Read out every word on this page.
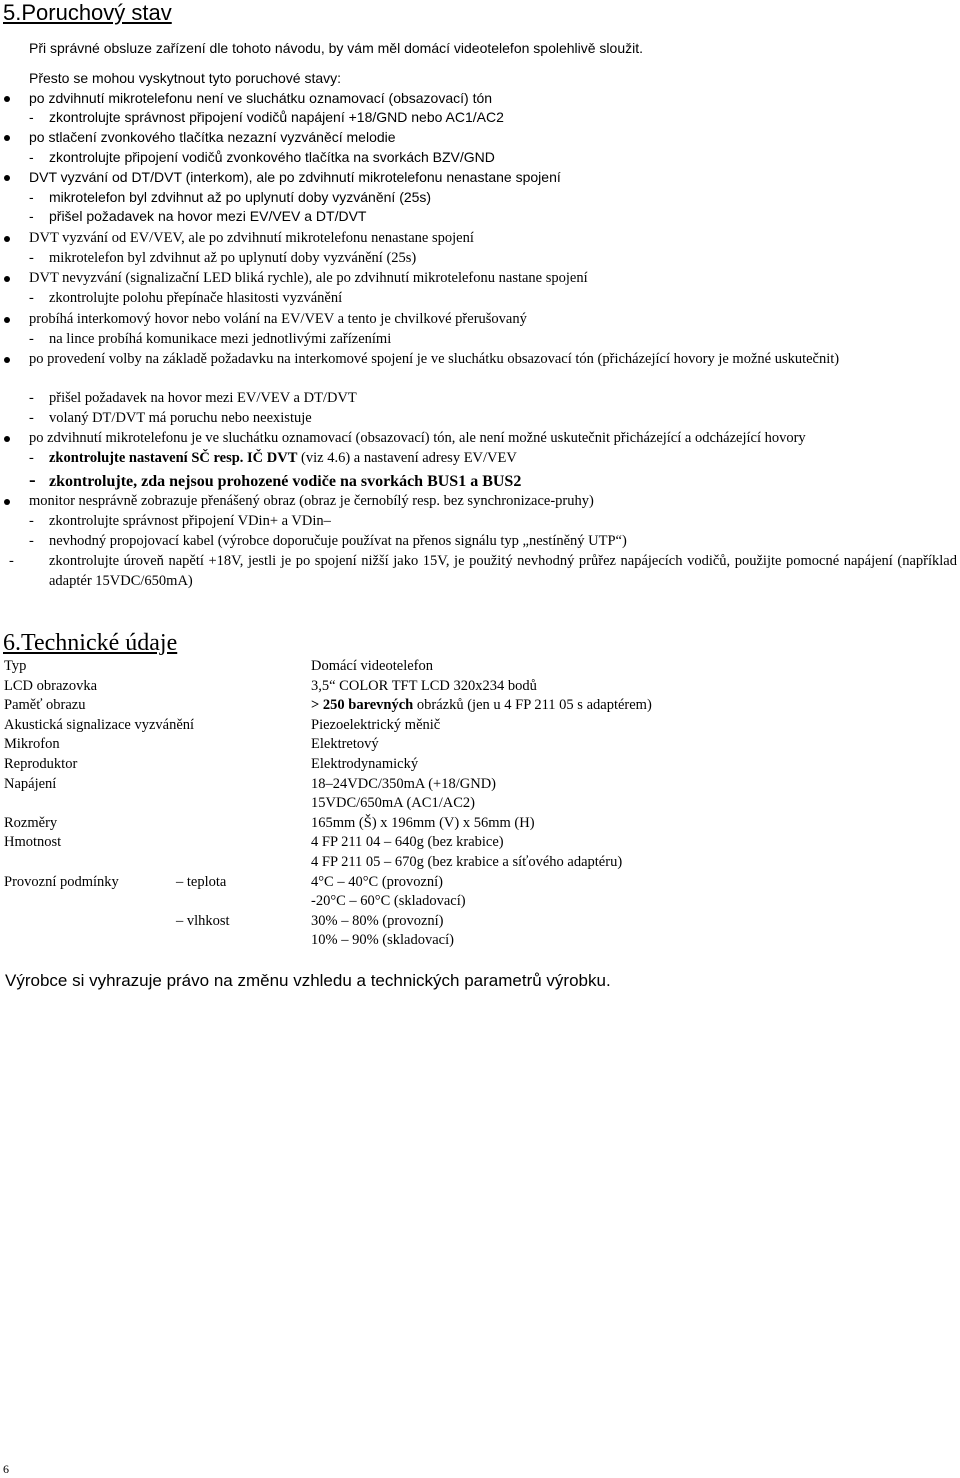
5.Poruchový stav
Při správné obsluze zařízení dle tohoto návodu, by vám měl domácí videotelefon spolehlivě sloužit.
Přesto se mohou vyskytnout tyto poruchové stavy:
po zdvihnutí mikrotelefonu není ve sluchátku oznamovací (obsazovací) tón
- zkontrolujte správnost připojení vodičů napájení +18/GND nebo AC1/AC2
po stlačení zvonkového tlačítka nezazní vyzváněcí melodie
- zkontrolujte připojení vodičů zvonkového tlačítka na svorkách BZV/GND
DVT vyzvání od DT/DVT (interkom), ale po zdvihnutí mikrotelefonu nenastane spojení
- mikrotelefon byl zdvihnut až po uplynutí doby vyzvánění (25s)
- přišel požadavek na hovor mezi EV/VEV a DT/DVT
DVT vyzvání od EV/VEV, ale po zdvihnutí mikrotelefonu nenastane spojení
- mikrotelefon byl zdvihnut až po uplynutí doby vyzvánění (25s)
DVT nevyzvání (signalizační LED bliká rychle), ale po zdvihnutí mikrotelefonu nastane spojení
- zkontrolujte polohu přepínače hlasitosti vyzvánění
probíhá interkomový hovor nebo volání na EV/VEV a tento je chvilkové přerušovaný
- na lince probíhá komunikace mezi jednotlivými zařízeními
po provedení volby na základě požadavku na interkomové spojení je ve sluchátku obsazovací tón (přicházející hovory je možné uskutečnit)
- přišel požadavek na hovor mezi EV/VEV a DT/DVT
- volaný DT/DVT má poruchu nebo neexistuje
po zdvihnutí mikrotelefonu je ve sluchátku oznamovací (obsazovací) tón, ale není možné uskutečnit přicházející a odcházející hovory
- zkontrolujte nastavení SČ resp. IČ DVT (viz 4.6) a nastavení adresy EV/VEV
- zkontrolujte, zda nejsou prohozené vodiče na svorkách BUS1 a BUS2
monitor nesprávně zobrazuje přenášený obraz (obraz je černobílý resp. bez synchronizace-pruhy)
- zkontrolujte správnost připojení VDin+ a VDin–
- nevhodný propojovací kabel (výrobce doporučuje používat na přenos signálu typ „nestíněný UTP“)
- zkontrolujte úroveň napětí +18V, jestli je po spojení nižší jako 15V, je použitý nevhodný průřez napájecích vodičů, použijte pomocné napájení (například adaptér 15VDC/650mA)
6.Technické údaje
Typ	Domácí videotelefon
LCD obrazovka	3,5“ COLOR TFT LCD 320x234 bodů
Paměť obrazu	> 250 barevných obrázků (jen u 4 FP 211 05 s adaptérem)
Akustická signalizace vyzvánění	Piezoelektrický měnič
Mikrofon	Elektretový
Reproduktor	Elektrodynamický
Napájení	18–24VDC/350mA (+18/GND)
15VDC/650mA (AC1/AC2)
Rozměry	165mm (Š) x 196mm (V) x 56mm (H)
Hmotnost	4 FP 211 04 – 640g (bez krabice)
4 FP 211 05 – 670g (bez krabice a síťového adaptéru)
Provozní podmínky	– teplota	4°C – 40°C (provozní)
-20°C – 60°C (skladovací)
– vlhkost	30% – 80% (provozní)
10% – 90% (skladovací)
Výrobce si vyhrazuje právo na změnu vzhledu a technických parametrů výrobku.
6
